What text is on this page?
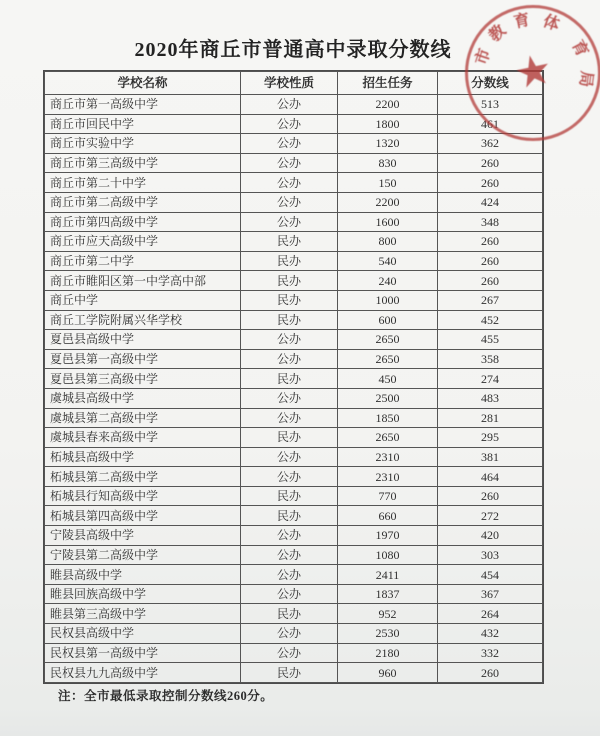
2020年商丘市普通高中录取分数线
学校名称	学校性质	招生任务	分数线
商丘市第一高级中学	公办	2200	513
商丘市回民中学	公办	1800	461
商丘市实验中学	公办	1320	362
商丘市第三高级中学	公办	830	260
商丘市第二十中学	公办	150	260
商丘市第二高级中学	公办	2200	424
商丘市第四高级中学	公办	1600	348
商丘市应天高级中学	民办	800	260
商丘市第二中学	民办	540	260
商丘市睢阳区第一中学高中部	民办	240	260
商丘中学	民办	1000	267
商丘工学院附属兴华学校	民办	600	452
夏邑县高级中学	公办	2650	455
夏邑县第一高级中学	公办	2650	358
夏邑县第三高级中学	民办	450	274
虞城县高级中学	公办	2500	483
虞城县第二高级中学	公办	1850	281
虞城县春来高级中学	民办	2650	295
柘城县高级中学	公办	2310	381
柘城县第二高级中学	公办	2310	464
柘城县行知高级中学	民办	770	260
柘城县第四高级中学	民办	660	272
宁陵县高级中学	公办	1970	420
宁陵县第二高级中学	公办	1080	303
睢县高级中学	公办	2411	454
睢县回族高级中学	公办	1837	367
睢县第三高级中学	民办	952	264
民权县高级中学	公办	2530	432
民权县第一高级中学	公办	2180	332
民权县九九高级中学	民办	960	260
注：全市最低录取控制分数线260分。
★
市
教
育 体
育
局
